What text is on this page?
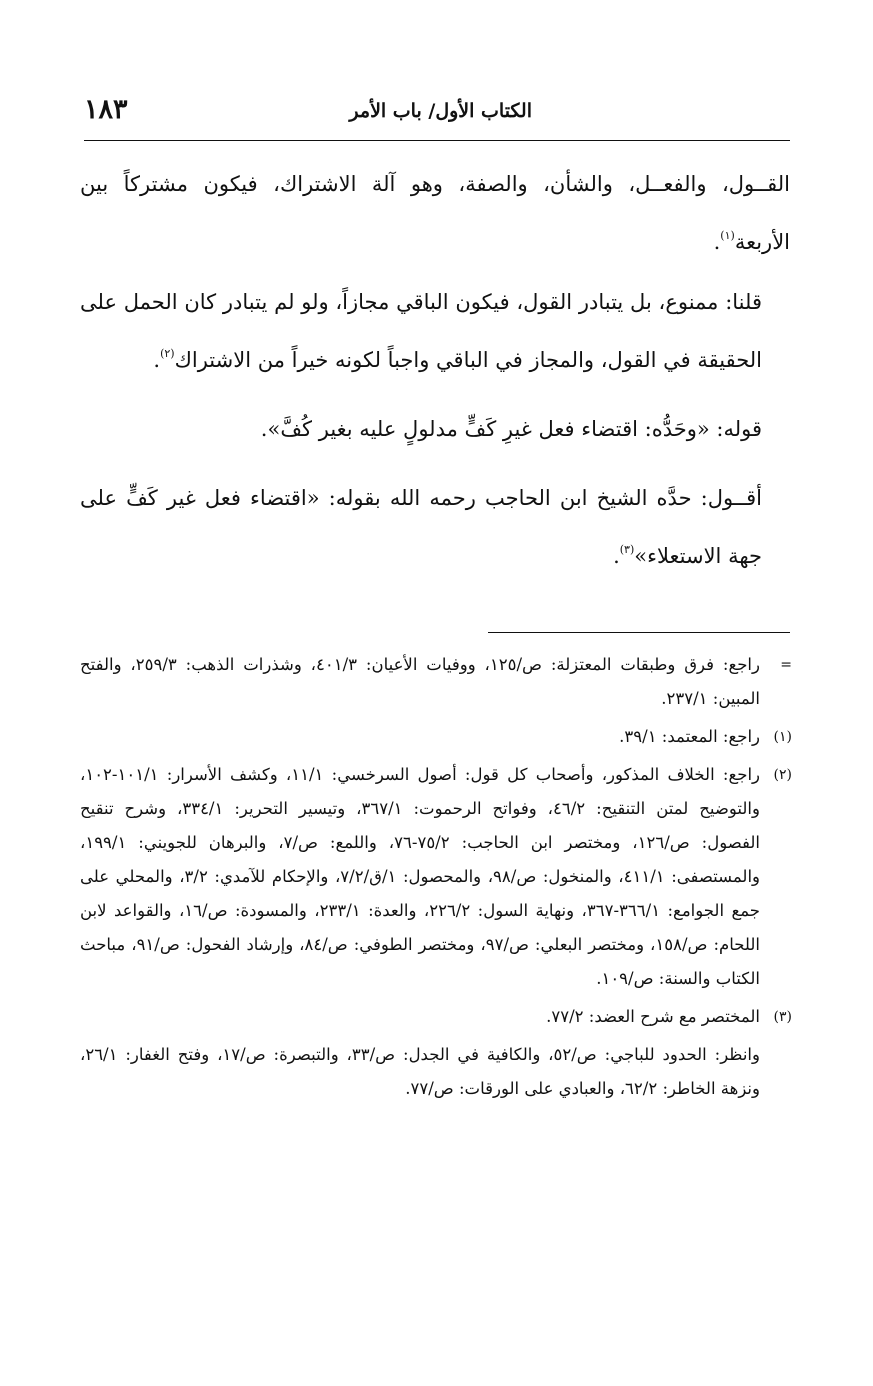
الكتاب الأول/ باب الأمر
١٨٣

القــول، والفعــل، والشأن، والصفة، وهو آلة الاشتراك، فيكون مشتركاً بين الأربعة$^{(١)}$.

قلنا: ممنوع، بل يتبادر القول، فيكون الباقي مجازاً، ولو لم يتبادر كان الحمل على الحقيقة في القول، والمجاز في الباقي واجباً لكونه خيراً من الاشتراك$^{(٢)}$.

قوله: «وحَدُّه: اقتضاء فعل غيرِ كَفٍّ مدلولٍ عليه بغير كُفَّ».

أقــول: حدَّه الشيخ ابن الحاجب رحمه الله بقوله: «اقتضاء فعل غير كَفٍّ على جهة الاستعلاء»$^{(٣)}$.

=
راجع: فرق وطبقات المعتزلة: ص/١٢٥، ووفيات الأعيان: ٤٠١/٣، وشذرات الذهب: ٢٥٩/٣، والفتح المبين: ٢٣٧/١.
(١)
راجع: المعتمد: ٣٩/١.
(٢)
راجع: الخلاف المذكور، وأصحاب كل قول: أصول السرخسي: ١١/١، وكشف الأسرار: ١٠١/١-١٠٢، والتوضيح لمتن التنقيح: ٤٦/٢، وفواتح الرحموت: ٣٦٧/١، وتيسير التحرير: ٣٣٤/١، وشرح تنقيح الفصول: ص/١٢٦، ومختصر ابن الحاجب: ٧٥/٢-٧٦، واللمع: ص/٧، والبرهان للجويني: ١٩٩/١، والمستصفى: ٤١١/١، والمنخول: ص/٩٨، والمحصول: ١/ق/٧/٢، والإحكام للآمدي: ٣/٢، والمحلي على جمع الجوامع: ٣٦٦/١-٣٦٧، ونهاية السول: ٢٢٦/٢، والعدة: ٢٣٣/١، والمسودة: ص/١٦، والقواعد لابن اللحام: ص/١٥٨، ومختصر البعلي: ص/٩٧، ومختصر الطوفي: ص/٨٤، وإرشاد الفحول: ص/٩١، مباحث الكتاب والسنة: ص/١٠٩.
(٣)
المختصر مع شرح العضد: ٧٧/٢.
وانظر: الحدود للباجي: ص/٥٢، والكافية في الجدل: ص/٣٣، والتبصرة: ص/١٧، وفتح الغفار: ٢٦/١، ونزهة الخاطر: ٦٢/٢، والعبادي على الورقات: ص/٧٧.
